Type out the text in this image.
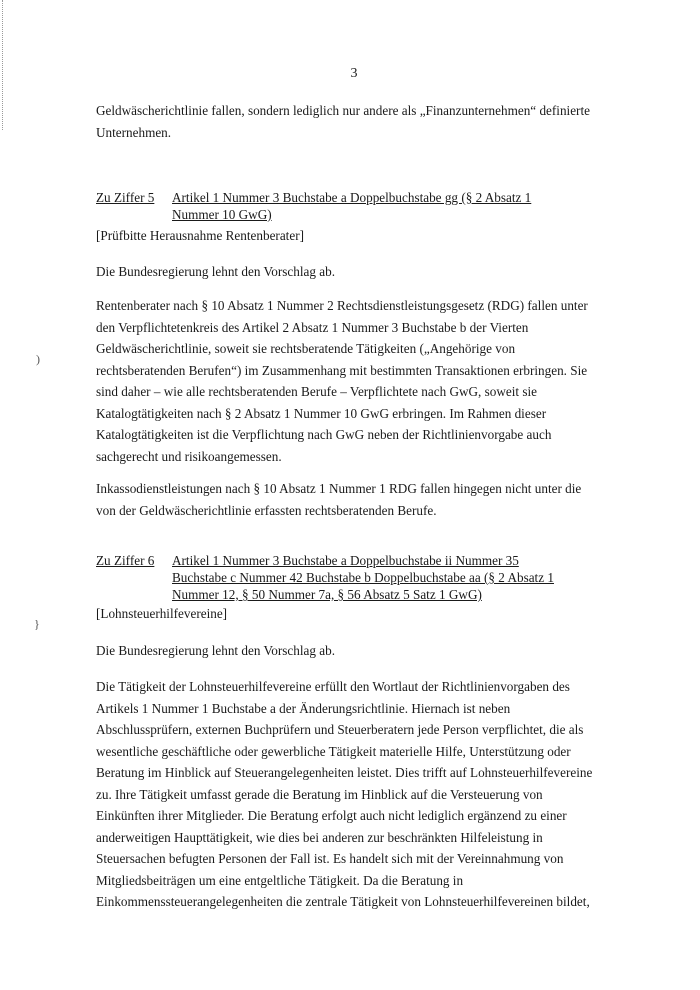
3
Geldwäscherichtlinie fallen, sondern lediglich nur andere als „Finanzunternehmen“ definierte
Unternehmen.
Zu Ziffer 5 Artikel 1 Nummer 3 Buchstabe a Doppelbuchstabe gg (§ 2 Absatz 1
Nummer 10 GwG)
[Prüfbitte Herausnahme Rentenberater]
Die Bundesregierung lehnt den Vorschlag ab.
Rentenberater nach § 10 Absatz 1 Nummer 2 Rechtsdienstleistungsgesetz (RDG) fallen unter
den Verpflichtetenkreis des Artikel 2 Absatz 1 Nummer 3 Buchstabe b der Vierten
Geldwäscherichtlinie, soweit sie rechtsberatende Tätigkeiten („Angehörige von
rechtsberatenden Berufen“) im Zusammenhang mit bestimmten Transaktionen erbringen. Sie
sind daher – wie alle rechtsberatenden Berufe – Verpflichtete nach GwG, soweit sie
Katalogtätigkeiten nach § 2 Absatz 1 Nummer 10 GwG erbringen. Im Rahmen dieser
Katalogtätigkeiten ist die Verpflichtung nach GwG neben der Richtlinienvorgabe auch
sachgerecht und risikoangemessen.
Inkassodienstleistungen nach § 10 Absatz 1 Nummer 1 RDG fallen hingegen nicht unter die
von der Geldwäscherichtlinie erfassten rechtsberatenden Berufe.
Zu Ziffer 6 Artikel 1 Nummer 3 Buchstabe a Doppelbuchstabe ii Nummer 35
Buchstabe c Nummer 42 Buchstabe b Doppelbuchstabe aa (§ 2 Absatz 1
Nummer 12, § 50 Nummer 7a, § 56 Absatz 5 Satz 1 GwG)
[Lohnsteuerhilfevereine]
Die Bundesregierung lehnt den Vorschlag ab.
Die Tätigkeit der Lohnsteuerhilfevereine erfüllt den Wortlaut der Richtlinienvorgaben des
Artikels 1 Nummer 1 Buchstabe a der Änderungsrichtlinie. Hiernach ist neben
Abschlussprüfern, externen Buchprüfern und Steuerberatern jede Person verpflichtet, die als
wesentliche geschäftliche oder gewerbliche Tätigkeit materielle Hilfe, Unterstützung oder
Beratung im Hinblick auf Steuerangelegenheiten leistet. Dies trifft auf Lohnsteuerhilfevereine
zu. Ihre Tätigkeit umfasst gerade die Beratung im Hinblick auf die Versteuerung von
Einkünften ihrer Mitglieder. Die Beratung erfolgt auch nicht lediglich ergänzend zu einer
anderweitigen Haupttätigkeit, wie dies bei anderen zur beschränkten Hilfeleistung in
Steuersachen befugten Personen der Fall ist. Es handelt sich mit der Vereinnahmung von
Mitgliedsbeiträgen um eine entgeltliche Tätigkeit. Da die Beratung in
Einkommenssteuerangelegenheiten die zentrale Tätigkeit von Lohnsteuerhilfevereinen bildet,
)
}
